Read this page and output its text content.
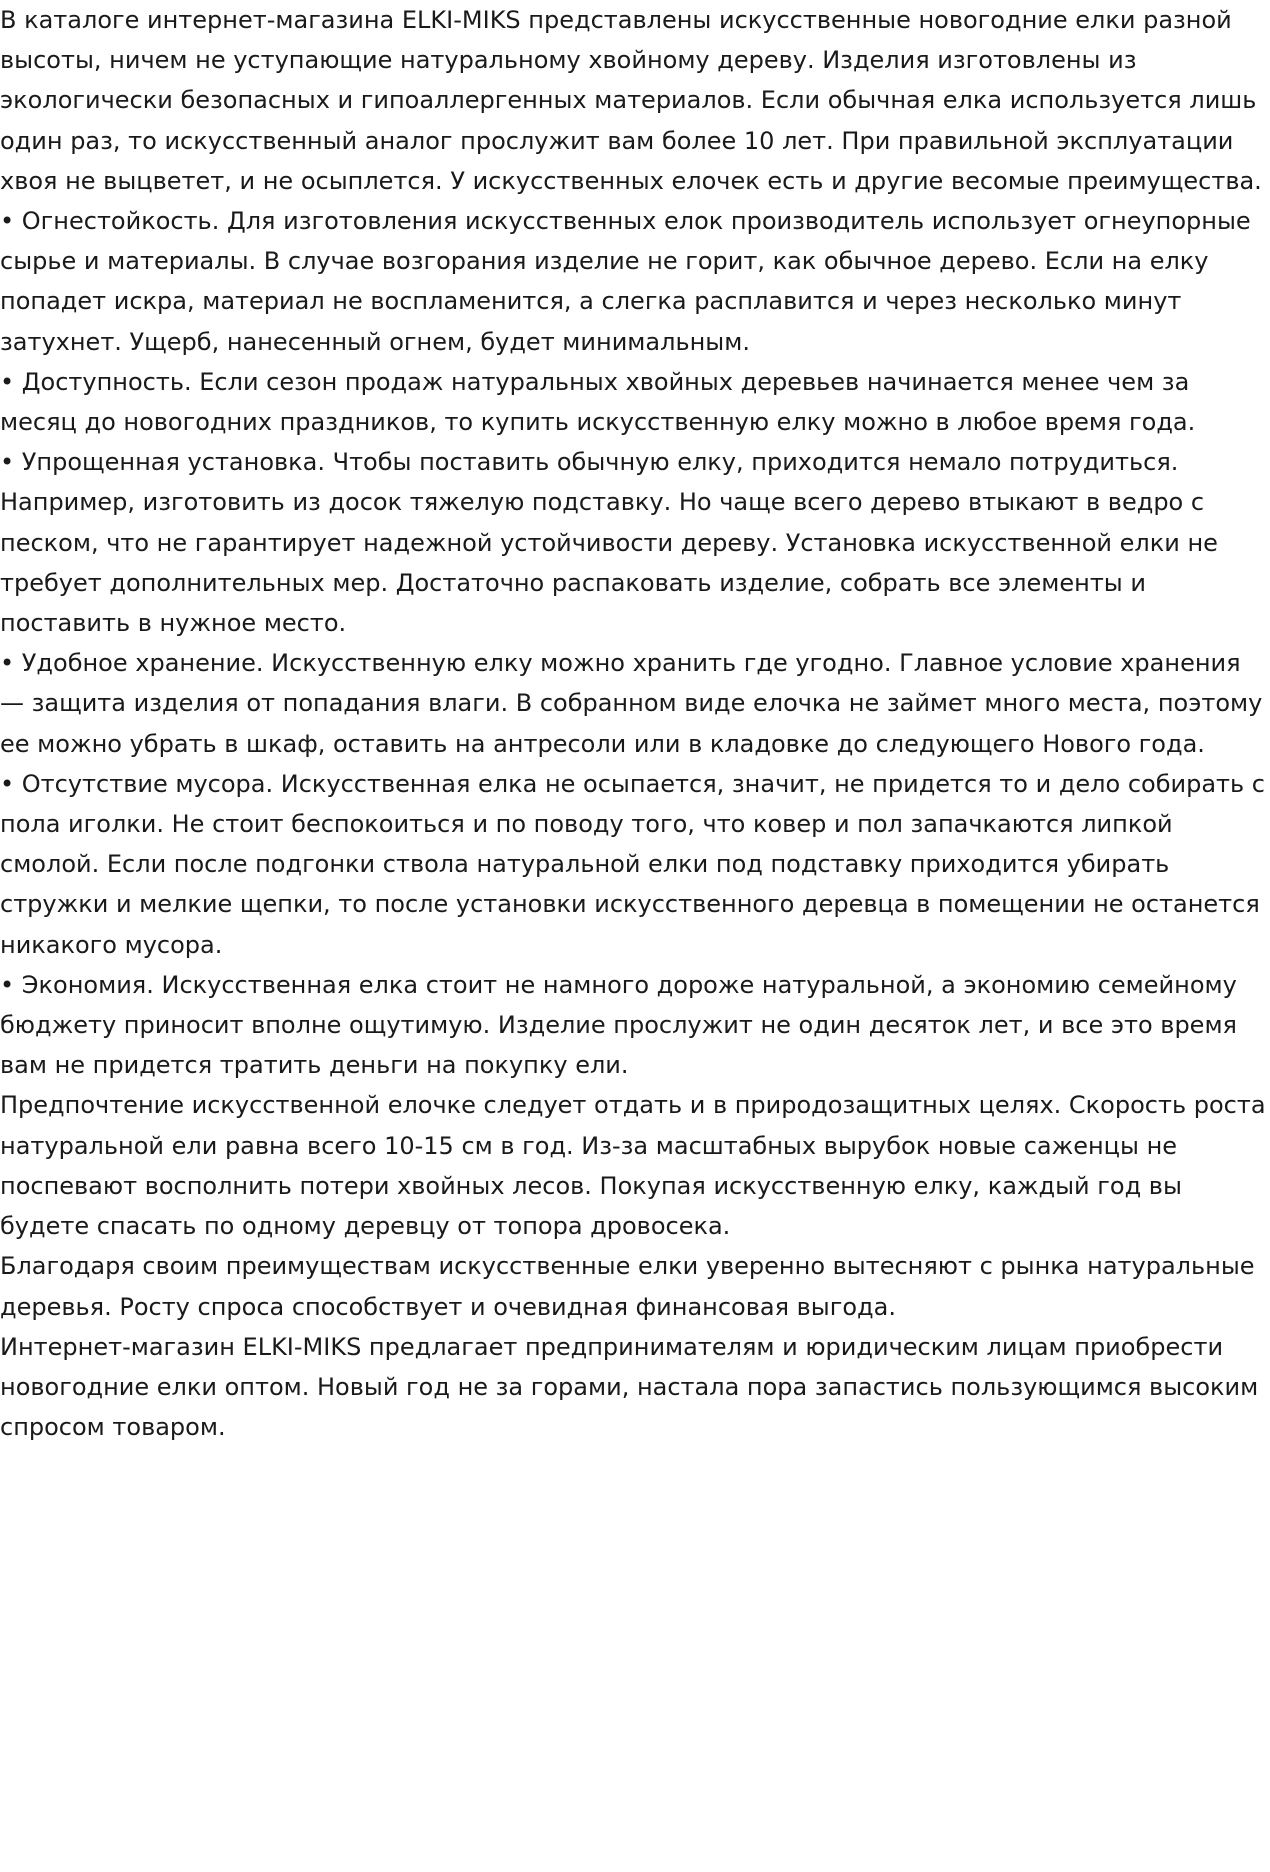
В каталоге интернет-магазина ELKI-MIKS представлены искусственные новогодние елки разной высоты, ничем не уступающие натуральному хвойному дереву. Изделия изготовлены из экологически безопасных и гипоаллергенных материалов. Если обычная елка используется лишь один раз, то искусственный аналог прослужит вам более 10 лет. При правильной эксплуатации хвоя не выцветет, и не осыплется. У искусственных елочек есть и другие весомые преимущества.

• Огнестойкость. Для изготовления искусственных елок производитель использует огнеупорные сырье и материалы. В случае возгорания изделие не горит, как обычное дерево. Если на елку попадет искра, материал не воспламенится, а слегка расплавится и через несколько минут затухнет. Ущерб, нанесенный огнем, будет минимальным.

• Доступность. Если сезон продаж натуральных хвойных деревьев начинается менее чем за месяц до новогодних праздников, то купить искусственную елку можно в любое время года.

• Упрощенная установка. Чтобы поставить обычную елку, приходится немало потрудиться. Например, изготовить из досок тяжелую подставку. Но чаще всего дерево втыкают в ведро с песком, что не гарантирует надежной устойчивости дереву. Установка искусственной елки не требует дополнительных мер. Достаточно распаковать изделие, собрать все элементы и поставить в нужное место.

• Удобное хранение. Искусственную елку можно хранить где угодно. Главное условие хранения — защита изделия от попадания влаги. В собранном виде елочка не займет много места, поэтому ее можно убрать в шкаф, оставить на антресоли или в кладовке до следующего Нового года.

• Отсутствие мусора. Искусственная елка не осыпается, значит, не придется то и дело собирать с пола иголки. Не стоит беспокоиться и по поводу того, что ковер и пол запачкаются липкой смолой. Если после подгонки ствола натуральной елки под подставку приходится убирать стружки и мелкие щепки, то после установки искусственного деревца в помещении не останется никакого мусора.

• Экономия. Искусственная елка стоит не намного дороже натуральной, а экономию семейному бюджету приносит вполне ощутимую. Изделие прослужит не один десяток лет, и все это время вам не придется тратить деньги на покупку ели.

Предпочтение искусственной елочке следует отдать и в природозащитных целях. Скорость роста натуральной ели равна всего 10-15 см в год. Из-за масштабных вырубок новые саженцы не поспевают восполнить потери хвойных лесов. Покупая искусственную елку, каждый год вы будете спасать по одному деревцу от топора дровосека.

Благодаря своим преимуществам искусственные елки уверенно вытесняют с рынка натуральные деревья. Росту спроса способствует и очевидная финансовая выгода.

Интернет-магазин ELKI-MIKS предлагает предпринимателям и юридическим лицам приобрести новогодние елки оптом. Новый год не за горами, настала пора запастись пользующимся высоким спросом товаром.
